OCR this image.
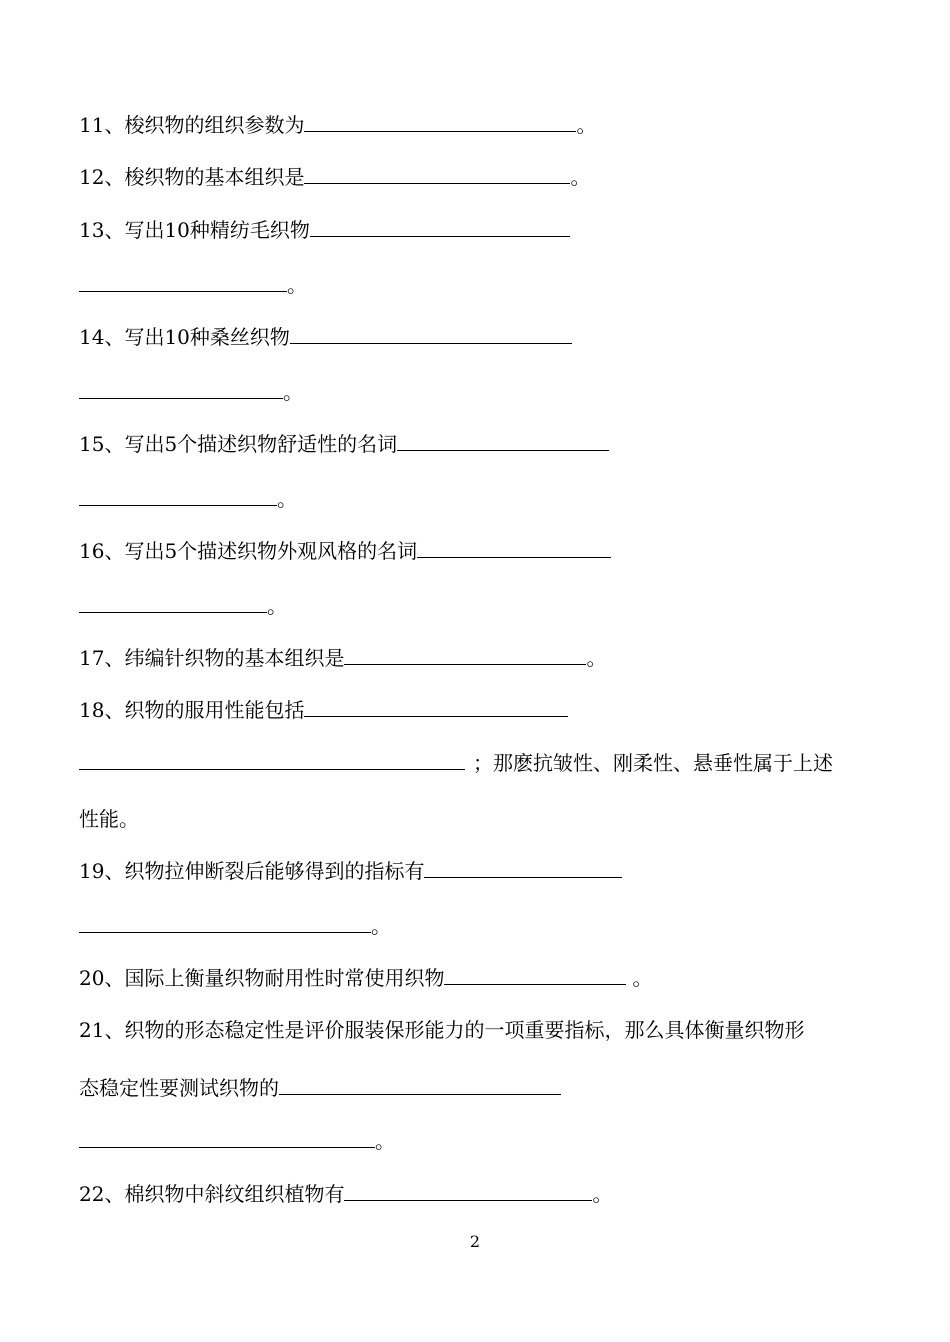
11、梭织物的组织参数为	。
12、梭织物的基本组织是	。
13、写出10种精纺毛织物
。
14、写出10种桑丝织物
。
15、写出5个描述织物舒适性的名词
。
16、写出5个描述织物外观风格的名词
。
17、纬编针织物的基本组织是	。
18、织物的服用性能包括
；那麽抗皱性、刚柔性、悬垂性属于上述
性能。
19、织物拉伸断裂后能够得到的指标有
。
20、国际上衡量织物耐用性时常使用织物	。
21、织物的形态稳定性是评价服装保形能力的一项重要指标，那么具体衡量织物形
态稳定性要测试织物的
。
22、棉织物中斜纹组织植物有	。
2
